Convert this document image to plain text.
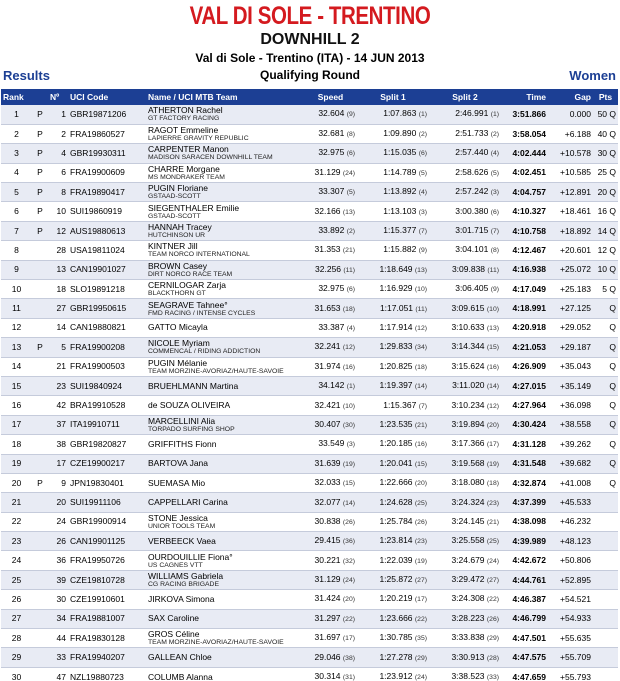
VAL DI SOLE - TRENTINO
DOWNHILL 2
Val di Sole - Trentino (ITA) - 14 JUN 2013
Qualifying Round
Results	Women
Rank		Nº	UCI Code	Name / UCI MTB Team	Speed	Split 1	Split 2	Time	Gap	Pts
1	P	1	GBR19871206	ATHERTON Rachel
GT FACTORY RACING	32.604 (9)	1:07.863 (1)	2:46.991 (1)	3:51.866	0.000	50 Q
2	P	2	FRA19860527	RAGOT Emmeline
LAPIERRE GRAVITY REPUBLIC	32.681 (8)	1:09.890 (2)	2:51.733 (2)	3:58.054	+6.188	40 Q
3	P	4	GBR19930311	CARPENTER Manon
MADISON SARACEN DOWNHILL TEAM	32.975 (6)	1:15.035 (6)	2:57.440 (4)	4:02.444	+10.578	30 Q
4	P	6	FRA19900609	CHARRE Morgane
MS MONDRAKER TEAM	31.129 (24)	1:14.789 (5)	2:58.626 (5)	4:02.451	+10.585	25 Q
5	P	8	FRA19890417	PUGIN Floriane
GSTAAD-SCOTT	33.307 (5)	1:13.892 (4)	2:57.242 (3)	4:04.757	+12.891	20 Q
6	P	10	SUI19860919	SIEGENTHALER Emilie
GSTAAD-SCOTT	32.166 (13)	1:13.103 (3)	3:00.380 (6)	4:10.327	+18.461	16 Q
7	P	12	AUS19880613	HANNAH Tracey
HUTCHINSON UR	33.892 (2)	1:15.377 (7)	3:01.715 (7)	4:10.758	+18.892	14 Q
8		28	USA19811024	KINTNER Jill
TEAM NORCO INTERNATIONAL	31.353 (21)	1:15.882 (9)	3:04.101 (8)	4:12.467	+20.601	12 Q
9		13	CAN19901027	BROWN Casey
DIRT NORCO RACE TEAM	32.256 (11)	1:18.649 (13)	3:09.838 (11)	4:16.938	+25.072	10 Q
10		18	SLO19891218	CERNILOGAR Zarja
BLACKTHORN GT	32.975 (6)	1:16.929 (10)	3:06.405 (9)	4:17.049	+25.183	5 Q
11		27	GBR19950615	SEAGRAVE Tahnee°
FMD RACING / INTENSE CYCLES	31.653 (18)	1:17.051 (11)	3:09.615 (10)	4:18.991	+27.125	Q
12		14	CAN19880821	GATTO Micayla	33.387 (4)	1:17.914 (12)	3:10.633 (13)	4:20.918	+29.052	Q
13	P	5	FRA19900208	NICOLE Myriam
COMMENCAL / RIDING ADDICTION	32.241 (12)	1:29.833 (34)	3:14.344 (15)	4:21.053	+29.187	Q
14		21	FRA19900503	PUGIN Mélanie
TEAM MORZINE-AVORIAZ/HAUTE-SAVOIE	31.974 (16)	1:20.825 (18)	3:15.624 (16)	4:26.909	+35.043	Q
15		23	SUI19840924	BRUEHLMANN Martina	34.142 (1)	1:19.397 (14)	3:11.020 (14)	4:27.015	+35.149	Q
16		42	BRA19910528	de SOUZA OLIVEIRA	32.421 (10)	1:15.367 (7)	3:10.234 (12)	4:27.964	+36.098	Q
17		37	ITA19910711	MARCELLINI Alia
TORPADO SURFING SHOP	30.407 (30)	1:23.535 (21)	3:19.894 (20)	4:30.424	+38.558	Q
18		38	GBR19820827	GRIFFITHS Fionn	33.549 (3)	1:20.185 (16)	3:17.366 (17)	4:31.128	+39.262	Q
19		17	CZE19900217	BARTOVA Jana	31.639 (19)	1:20.041 (15)	3:19.568 (19)	4:31.548	+39.682	Q
20	P	9	JPN19830401	SUEMASA Mio	32.033 (15)	1:22.666 (20)	3:18.080 (18)	4:32.874	+41.008	Q
21		20	SUI19911106	CAPPELLARI Carina	32.077 (14)	1:24.628 (25)	3:24.324 (23)	4:37.399	+45.533	
22		24	GBR19900914	STONE Jessica
UNIOR TOOLS TEAM	30.838 (26)	1:25.784 (26)	3:24.145 (21)	4:38.098	+46.232	
23		26	CAN19901125	VERBEECK Vaea	29.415 (36)	1:23.814 (23)	3:25.558 (25)	4:39.989	+48.123	
24		36	FRA19950726	OURDOUILLIE Fiona°
US CAGNES VTT	30.221 (32)	1:22.039 (19)	3:24.679 (24)	4:42.672	+50.806	
25		39	CZE19810728	WILLIAMS Gabriela
CG RACING BRIGADE	31.129 (24)	1:25.872 (27)	3:29.472 (27)	4:44.761	+52.895	
26		30	CZE19910601	JIRKOVA Simona	31.424 (20)	1:20.219 (17)	3:24.308 (22)	4:46.387	+54.521	
27		34	FRA19881007	SAX Caroline	31.297 (22)	1:23.666 (22)	3:28.223 (26)	4:46.799	+54.933	
28		44	FRA19830128	GROS Céline
TEAM MORZINE-AVORIAZ/HAUTE-SAVOIE	31.697 (17)	1:30.785 (35)	3:33.838 (29)	4:47.501	+55.635	
29		33	FRA19940207	GALLEAN Chloe	29.046 (38)	1:27.278 (29)	3:30.913 (28)	4:47.575	+55.709	
30		47	NZL19880723	COLUMB Alanna	30.314 (31)	1:23.912 (24)	3:38.523 (33)	4:47.659	+55.793	
